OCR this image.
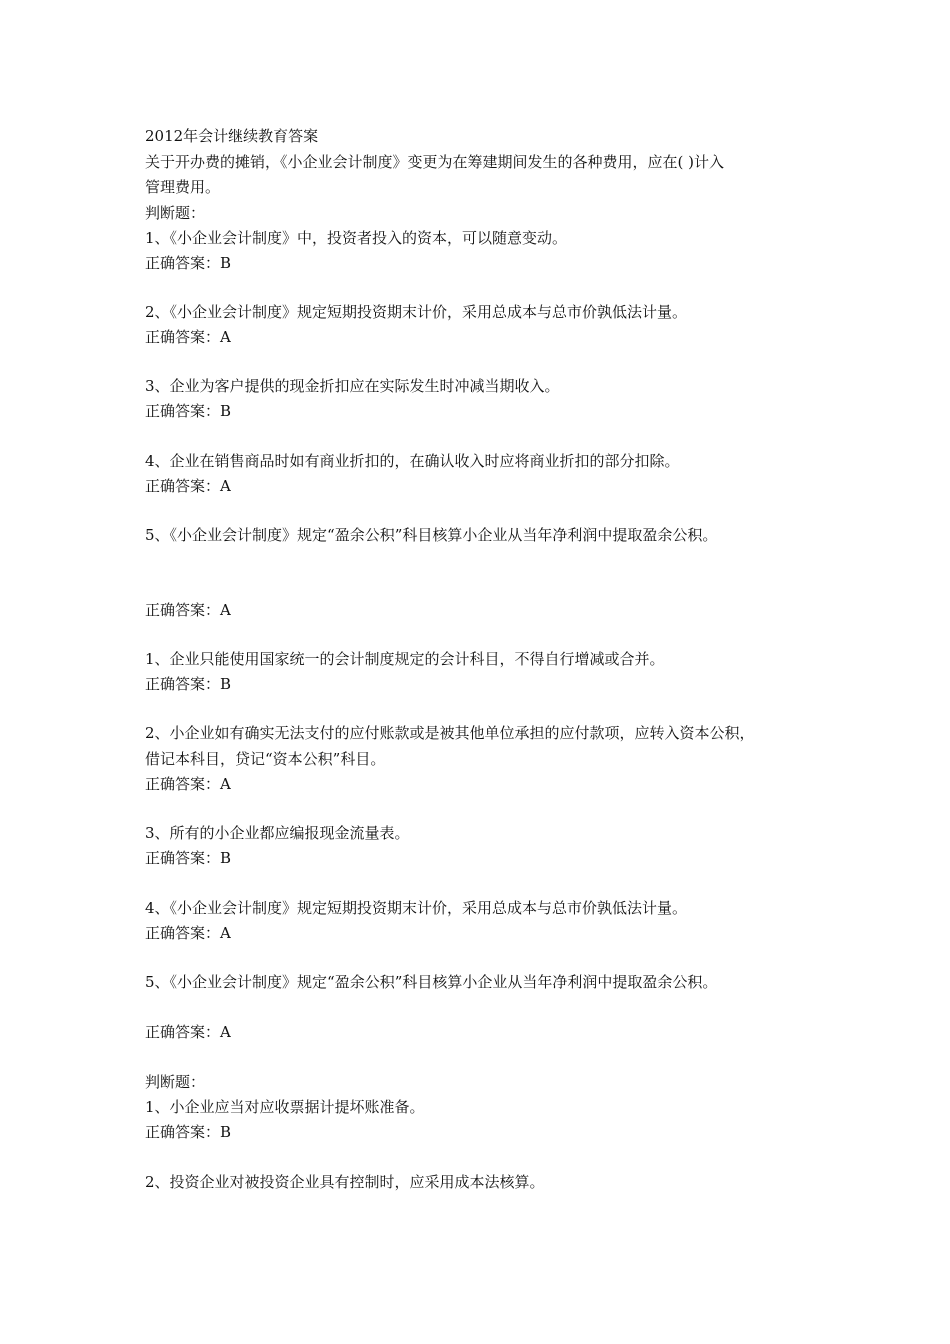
2012年会计继续教育答案
关于开办费的摊销，《小企业会计制度》变更为在筹建期间发生的各种费用，应在( )计入
管理费用。
判断题：
1、《小企业会计制度》中，投资者投入的资本，可以随意变动。
正确答案：B
2、《小企业会计制度》规定短期投资期末计价，采用总成本与总市价孰低法计量。
正确答案：A
3、企业为客户提供的现金折扣应在实际发生时冲减当期收入。
正确答案：B
4、企业在销售商品时如有商业折扣的，在确认收入时应将商业折扣的部分扣除。
正确答案：A
5、《小企业会计制度》规定“盈余公积”科目核算小企业从当年净利润中提取盈余公积。
正确答案：A
1、企业只能使用国家统一的会计制度规定的会计科目，不得自行增减或合并。
正确答案：B
2、小企业如有确实无法支付的应付账款或是被其他单位承担的应付款项，应转入资本公积，
借记本科目，贷记“资本公积”科目。
正确答案：A
3、所有的小企业都应编报现金流量表。
正确答案：B
4、《小企业会计制度》规定短期投资期末计价，采用总成本与总市价孰低法计量。
正确答案：A
5、《小企业会计制度》规定“盈余公积”科目核算小企业从当年净利润中提取盈余公积。
正确答案：A
判断题：
1、小企业应当对应收票据计提坏账准备。
正确答案：B
2、投资企业对被投资企业具有控制时，应采用成本法核算。
